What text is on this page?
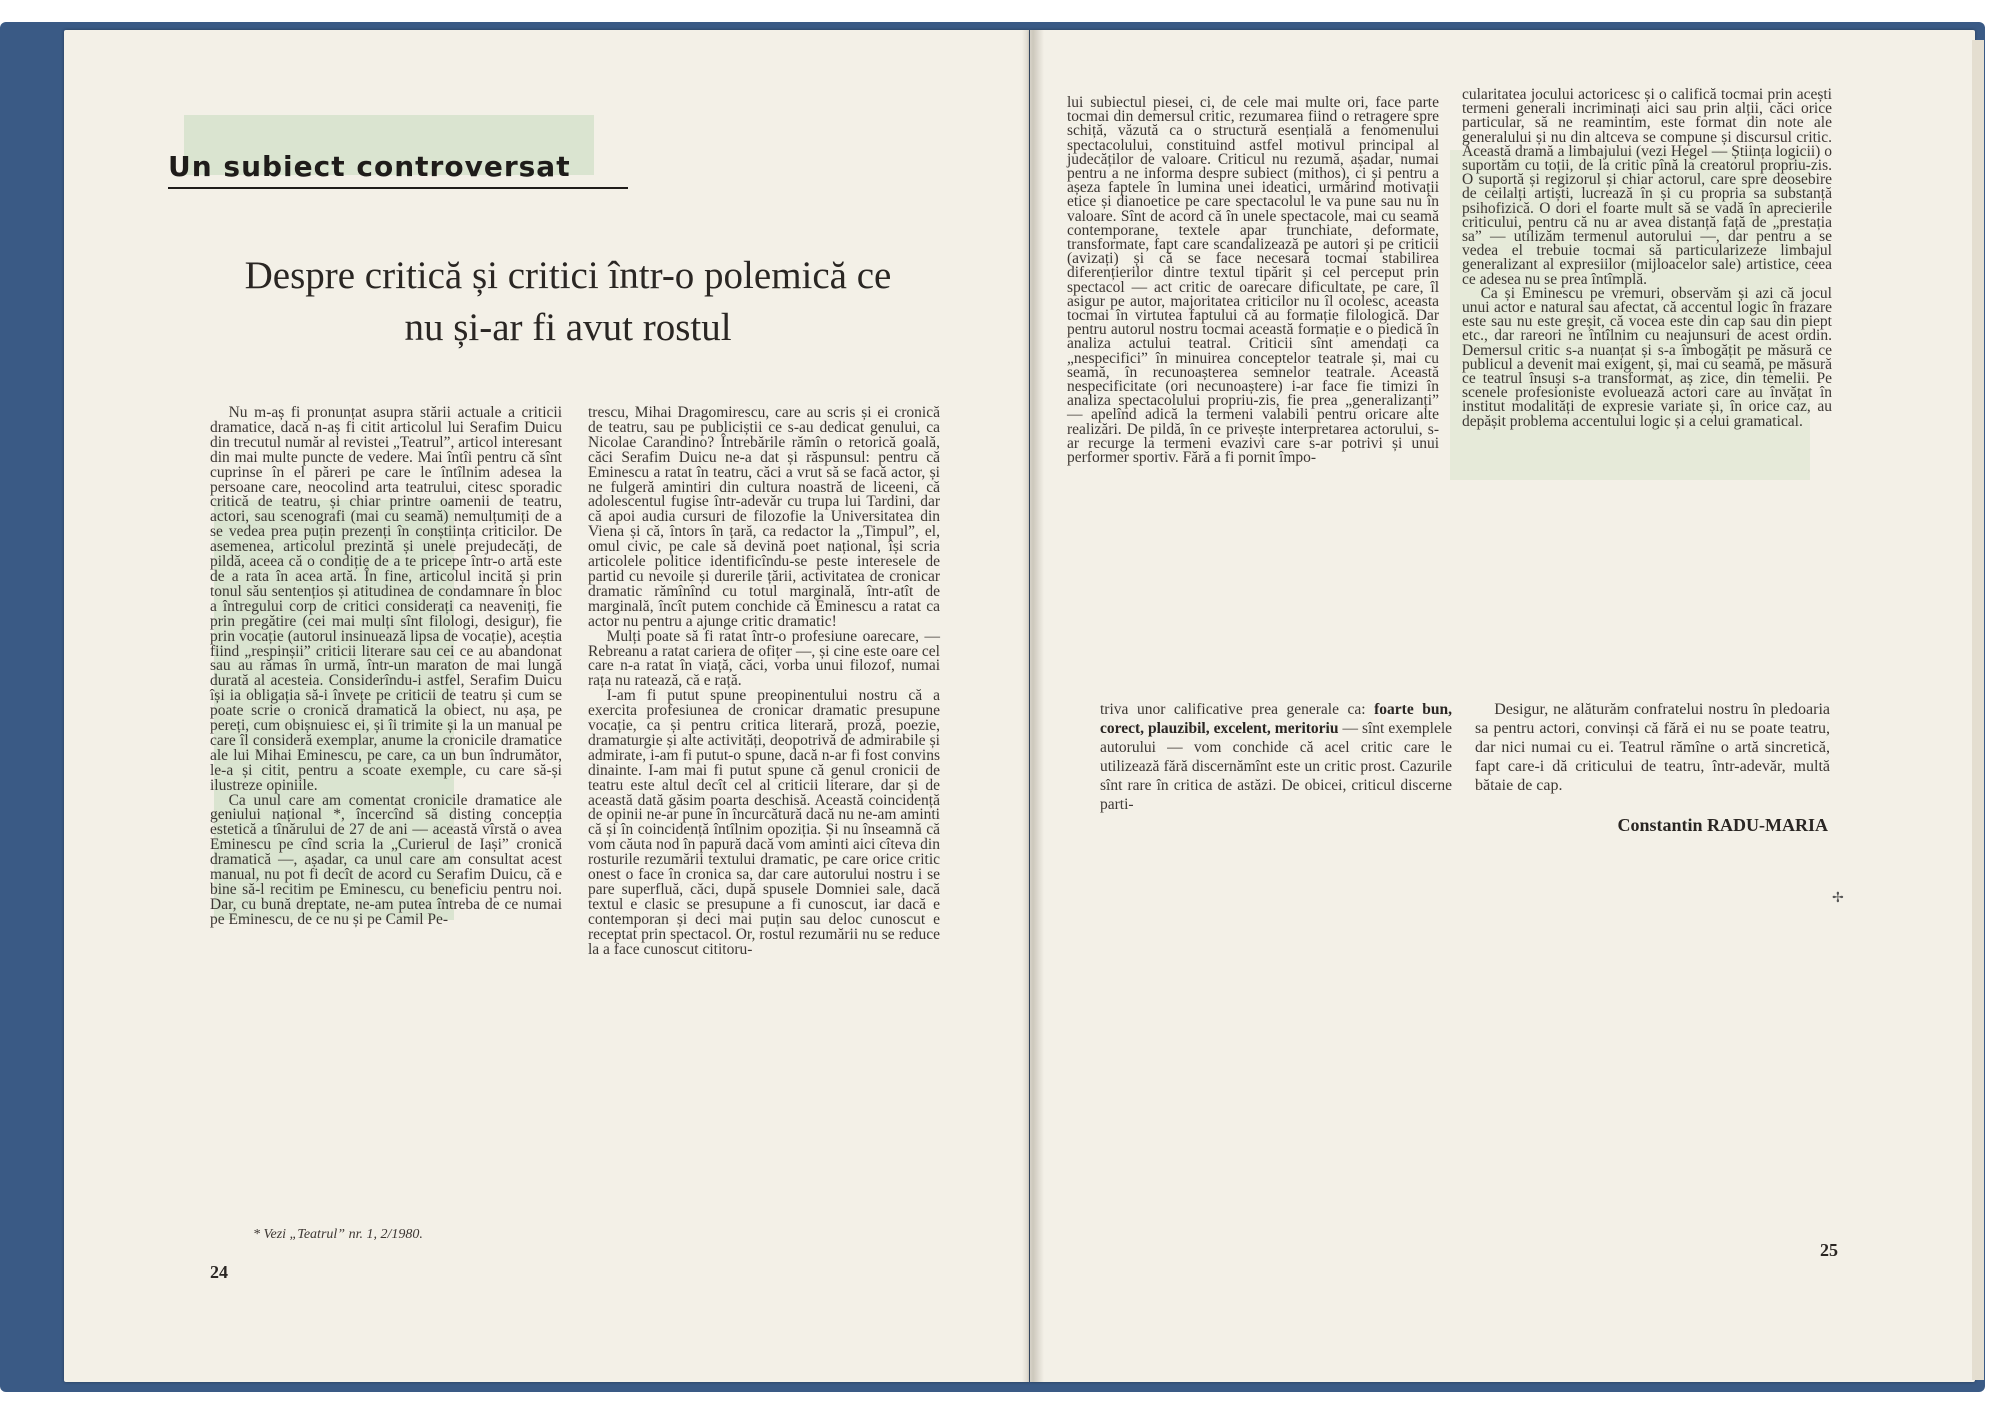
Un subiect controversat
Despre critică și critici într-o polemică ce
nu și-ar fi avut rostul

Nu m-aș fi pronunțat asupra stării actuale a criticii dramatice, dacă n-aș fi citit articolul lui Serafim Duicu din trecutul număr al revistei „Teatrul”, articol interesant din mai multe puncte de vedere. Mai întîi pentru că sînt cuprinse în el păreri pe care le întîlnim adesea la persoane care, neocolind arta teatrului, citesc sporadic critică de teatru, și chiar printre oamenii de teatru, actori, sau scenografi (mai cu seamă) nemulțumiți de a se vedea prea puțin prezenți în conștiința criticilor. De asemenea, articolul prezintă și unele prejudecăți, de pildă, aceea că o condiție de a te pricepe într-o artă este de a rata în acea artă. În fine, articolul incită și prin tonul său sentențios și atitudinea de condamnare în bloc a întregului corp de critici considerați ca neaveniți, fie prin pregătire (cei mai mulți sînt filologi, desigur), fie prin vocație (autorul insinuează lipsa de vocație), aceștia fiind „respinșii” criticii literare sau cei ce au abandonat sau au rămas în urmă, într-un maraton de mai lungă durată al acesteia. Considerîndu-i astfel, Serafim Duicu își ia obligația să-i învețe pe criticii de teatru și cum se poate scrie o cronică dramatică la obiect, nu așa, pe pereți, cum obișnuiesc ei, și îi trimite și la un manual pe care îl consideră exemplar, anume la cronicile dramatice ale lui Mihai Eminescu, pe care, ca un bun îndrumător, le-a și citit, pentru a scoate exemple, cu care să-și ilustreze opiniile.

Ca unul care am comentat cronicile dramatice ale geniului național *, încercînd să disting concepția estetică a tînărului de 27 de ani — această vîrstă o avea Eminescu pe cînd scria la „Curierul de Iași” cronică dramatică —, așadar, ca unul care am consultat acest manual, nu pot fi decît de acord cu Serafim Duicu, că e bine să-l recitim pe Eminescu, cu beneficiu pentru noi. Dar, cu bună dreptate, ne-am putea întreba de ce numai pe Eminescu, de ce nu și pe Camil Pe-

trescu, Mihai Dragomirescu, care au scris și ei cronică de teatru, sau pe publiciștii ce s-au dedicat genului, ca Nicolae Carandino? Întrebările rămîn o retorică goală, căci Serafim Duicu ne-a dat și răspunsul: pentru că Eminescu a ratat în teatru, căci a vrut să se facă actor, și ne fulgeră amintiri din cultura noastră de liceeni, că adolescentul fugise într-adevăr cu trupa lui Tardini, dar că apoi audia cursuri de filozofie la Universitatea din Viena și că, întors în țară, ca redactor la „Timpul”, el, omul civic, pe cale să devină poet național, își scria articolele politice identificîndu-se peste interesele de partid cu nevoile și durerile țării, activitatea de cronicar dramatic rămînînd cu totul marginală, într-atît de marginală, încît putem conchide că Eminescu a ratat ca actor nu pentru a ajunge critic dramatic!

Mulți poate să fi ratat într-o profesiune oarecare, — Rebreanu a ratat cariera de ofițer —, și cine este oare cel care n-a ratat în viață, căci, vorba unui filozof, numai rața nu ratează, că e rață.

I-am fi putut spune preopinentului nostru că a exercita profesiunea de cronicar dramatic presupune vocație, ca și pentru critica literară, proză, poezie, dramaturgie și alte activități, deopotrivă de admirabile și admirate, i-am fi putut-o spune, dacă n-ar fi fost convins dinainte. I-am mai fi putut spune că genul cronicii de teatru este altul decît cel al criticii literare, dar și de această dată găsim poarta deschisă. Această coincidență de opinii ne-ar pune în încurcătură dacă nu ne-am aminti că și în coincidență întîlnim opoziția. Și nu înseamnă că vom căuta nod în papură dacă vom aminti aici cîteva din rosturile rezumării textului dramatic, pe care orice critic onest o face în cronica sa, dar care autorului nostru i se pare superfluă, căci, după spusele Domniei sale, dacă textul e clasic se presupune a fi cunoscut, iar dacă e contemporan și deci mai puțin sau deloc cunoscut e receptat prin spectacol. Or, rostul rezumării nu se reduce la a face cunoscut cititoru-

* Vezi „Teatrul” nr. 1, 2/1980.
24

lui subiectul piesei, ci, de cele mai multe ori, face parte tocmai din demersul critic, rezumarea fiind o retragere spre schiță, văzută ca o structură esențială a fenomenului spectacolului, constituind astfel motivul principal al judecăților de valoare. Criticul nu rezumă, așadar, numai pentru a ne informa despre subiect (mithos), ci și pentru a așeza faptele în lumina unei ideatici, urmărind motivații etice și dianoetice pe care spectacolul le va pune sau nu în valoare. Sînt de acord că în unele spectacole, mai cu seamă contemporane, textele apar trunchiate, deformate, transformate, fapt care scandalizează pe autori și pe criticii (avizați) și că se face necesară tocmai stabilirea diferențierilor dintre textul tipărit și cel perceput prin spectacol — act critic de oarecare dificultate, pe care, îl asigur pe autor, majoritatea criticilor nu îl ocolesc, aceasta tocmai în virtutea faptului că au formație filologică. Dar pentru autorul nostru tocmai această formație e o piedică în analiza actului teatral. Criticii sînt amendați ca „nespecifici” în minuirea conceptelor teatrale și, mai cu seamă, în recunoașterea semnelor teatrale. Această nespecificitate (ori necunoaștere) i-ar face fie timizi în analiza spectacolului propriu-zis, fie prea „generalizanți” — apelînd adică la termeni valabili pentru oricare alte realizări. De pildă, în ce privește interpretarea actorului, s-ar recurge la termeni evazivi care s-ar potrivi și unui performer sportiv. Fără a fi pornit împo-

triva unor calificative prea generale ca: foarte bun, corect, plauzibil, excelent, meritoriu — sînt exemplele autorului — vom conchide că acel critic care le utilizează fără discernămînt este un critic prost. Cazurile sînt rare în critica de astăzi. De obicei, criticul discerne parti-

cularitatea jocului actoricesc și o califică tocmai prin acești termeni generali incriminați aici sau prin alții, căci orice particular, să ne reamintim, este format din note ale generalului și nu din altceva se compune și discursul critic. Această dramă a limbajului (vezi Hegel — Știința logicii) o suportăm cu toții, de la critic pînă la creatorul propriu-zis. O suportă și regizorul și chiar actorul, care spre deosebire de ceilalți artiști, lucrează în și cu propria sa substanță psihofizică. O dori el foarte mult să se vadă în aprecierile criticului, pentru că nu ar avea distanță față de „prestația sa” — utilizăm termenul autorului —, dar pentru a se vedea el trebuie tocmai să particularizeze limbajul generalizant al expresiilor (mijloacelor sale) artistice, ceea ce adesea nu se prea întîmplă.

Ca și Eminescu pe vremuri, observăm și azi că jocul unui actor e natural sau afectat, că accentul logic în frazare este sau nu este greșit, că vocea este din cap sau din piept etc., dar rareori ne întîlnim cu neajunsuri de acest ordin. Demersul critic s-a nuanțat și s-a îmbogățit pe măsură ce publicul a devenit mai exigent, și, mai cu seamă, pe măsură ce teatrul însuși s-a transformat, aș zice, din temelii. Pe scenele profesioniste evoluează actori care au învățat în institut modalități de expresie variate și, în orice caz, au depășit problema accentului logic și a celui gramatical.

Desigur, ne alăturăm confratelui nostru în pledoaria sa pentru actori, convinși că fără ei nu se poate teatru, dar nici numai cu ei. Teatrul rămîne o artă sincretică, fapt care-i dă criticului de teatru, într-adevăr, multă bătaie de cap.

Constantin RADU-MARIA
✢
25
